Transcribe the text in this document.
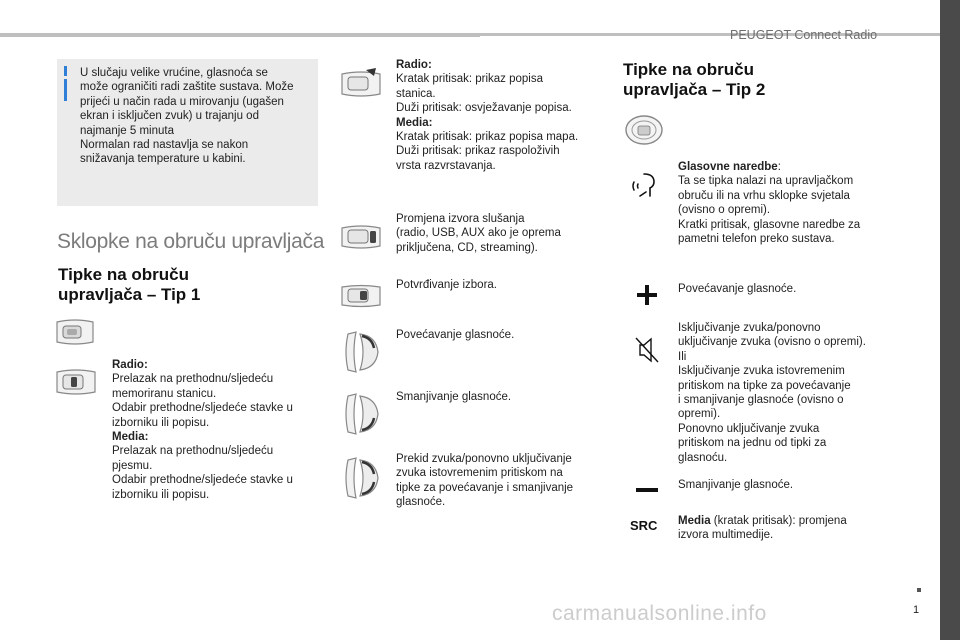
PEUGEOT Connect Radio
U slučaju velike vrućine, glasnoća se
može ograničiti radi zaštite sustava. Može
prijeći u način rada u mirovanju (ugašen
ekran i isključen zvuk) u trajanju od
najmanje 5 minuta
Normalan rad nastavlja se nakon
snižavanja temperature u kabini.
Sklopke na obruču upravljača
Tipke na obruču
upravljača – Tip 1
Radio:
Prelazak na prethodnu/sljedeću
memoriranu stanicu.
Odabir prethodne/sljedeće stavke u
izborniku ili popisu.
Media:
Prelazak na prethodnu/sljedeću
pjesmu.
Odabir prethodne/sljedeće stavke u
izborniku ili popisu.
Radio:
Kratak pritisak: prikaz popisa
stanica.
Duži pritisak: osvježavanje popisa.
Media:
Kratak pritisak: prikaz popisa mapa.
Duži pritisak: prikaz raspoloživih
vrsta razvrstavanja.
Promjena izvora slušanja
(radio, USB, AUX ako je oprema
priključena, CD, streaming).
Potvrđivanje izbora.
Povećavanje glasnoće.
Smanjivanje glasnoće.
Prekid zvuka/ponovno uključivanje
zvuka istovremenim pritiskom na
tipke za povećavanje i smanjivanje
glasnoće.
Tipke na obruču
upravljača – Tip 2
Glasovne naredbe:
Ta se tipka nalazi na upravljačkom
obruču ili na vrhu sklopke svjetala
(ovisno o opremi).
Kratki pritisak, glasovne naredbe za
pametni telefon preko sustava.
Povećavanje glasnoće.
Isključivanje zvuka/ponovno
uključivanje zvuka (ovisno o opremi).
Ili
Isključivanje zvuka istovremenim
pritiskom na tipke za povećavanje
i smanjivanje glasnoće (ovisno o
opremi).
Ponovno uključivanje zvuka
pritiskom na jednu od tipki za
glasnoću.
Smanjivanje glasnoće.
SRC Media (kratak pritisak): promjena
izvora multimedije.
1
carmanualsonline.info
